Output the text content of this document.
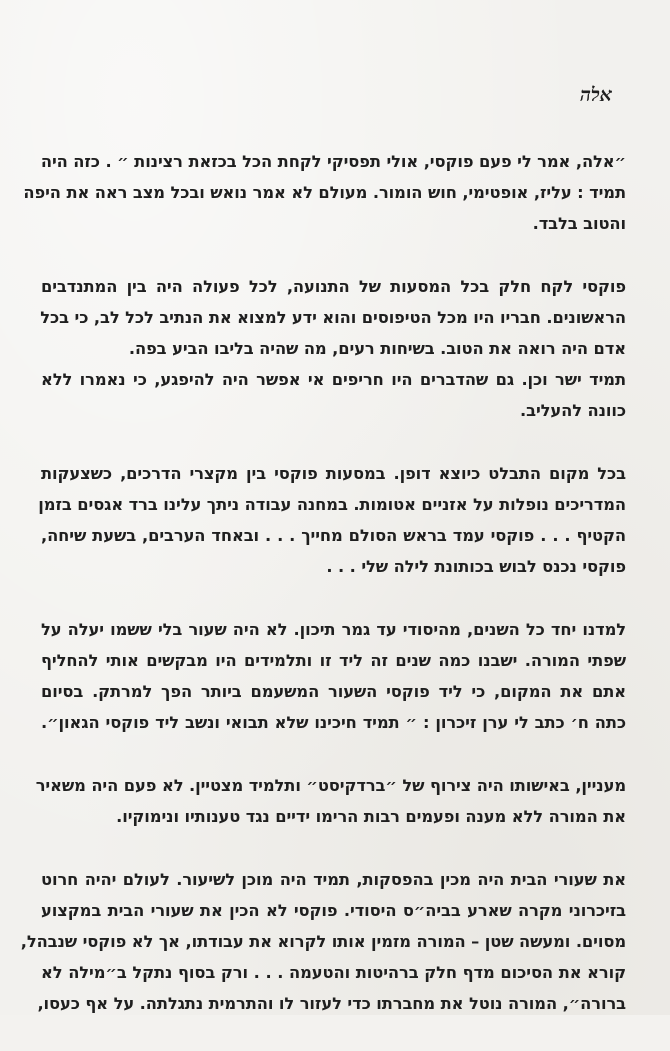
אלה
״אלה, אמר לי פעם פוקסי, אולי תפסיקי לקחת הכל בכזאת רצינות ״ . כזה היה
תמיד : עליז, אופטימי, חוש הומור. מעולם לא אמר נואש ובכל מצב ראה את היפה
והטוב בלבד.
פוקסי לקח חלק בכל המסעות של התנועה, לכל פעולה היה בין המתנדבים
הראשונים. חבריו היו מכל הטיפוסים והוא ידע למצוא את הנתיב לכל לב, כי בכל
אדם היה רואה את הטוב. בשיחות רעים, מה שהיה בליבו הביע בפה.
תמיד ישר וכן. גם שהדברים היו חריפים אי אפשר היה להיפגע, כי נאמרו ללא
כוונה להעליב.
בכל מקום התבלט כיוצא דופן. במסעות פוקסי בין מקצרי הדרכים, כשצעקות
המדריכים נופלות על אזניים אטומות. במחנה עבודה ניתך עלינו ברד אגסים בזמן
הקטיף . . . פוקסי עמד בראש הסולם מחייך . . . ובאחד הערבים, בשעת שיחה,
פוקסי נכנס לבוש בכותונת לילה שלי . . .
למדנו יחד כל השנים, מהיסודי עד גמר תיכון. לא היה שעור בלי ששמו יעלה על
שפתי המורה. ישבנו כמה שנים זה ליד זו ותלמידים היו מבקשים אותי להחליף
אתם את המקום, כי ליד פוקסי השעור המשעמם ביותר הפך למרתק. בסיום
כתה ח׳ כתב לי ערן זיכרון : ״ תמיד חיכינו שלא תבואי ונשב ליד פוקסי הגאון״.
מעניין, באישותו היה צירוף של ״ברדקיסט״ ותלמיד מצטיין. לא פעם היה משאיר
את המורה ללא מענה ופעמים רבות הרימו ידיים נגד טענותיו ונימוקיו.
את שעורי הבית היה מכין בהפסקות, תמיד היה מוכן לשיעור. לעולם יהיה חרוט
בזיכרוני מקרה שארע בביה״ס היסודי. פוקסי לא הכין את שעורי הבית במקצוע
מסוים. ומעשה שטן – המורה מזמין אותו לקרוא את עבודתו, אך לא פוקסי שנבהל,
קורא את הסיכום מדף חלק ברהיטות והטעמה . . . ורק בסוף נתקל ב״מילה לא
ברורה״, המורה נוטל את מחברתו כדי לעזור לו והתרמית נתגלתה. על אף כעסו,
